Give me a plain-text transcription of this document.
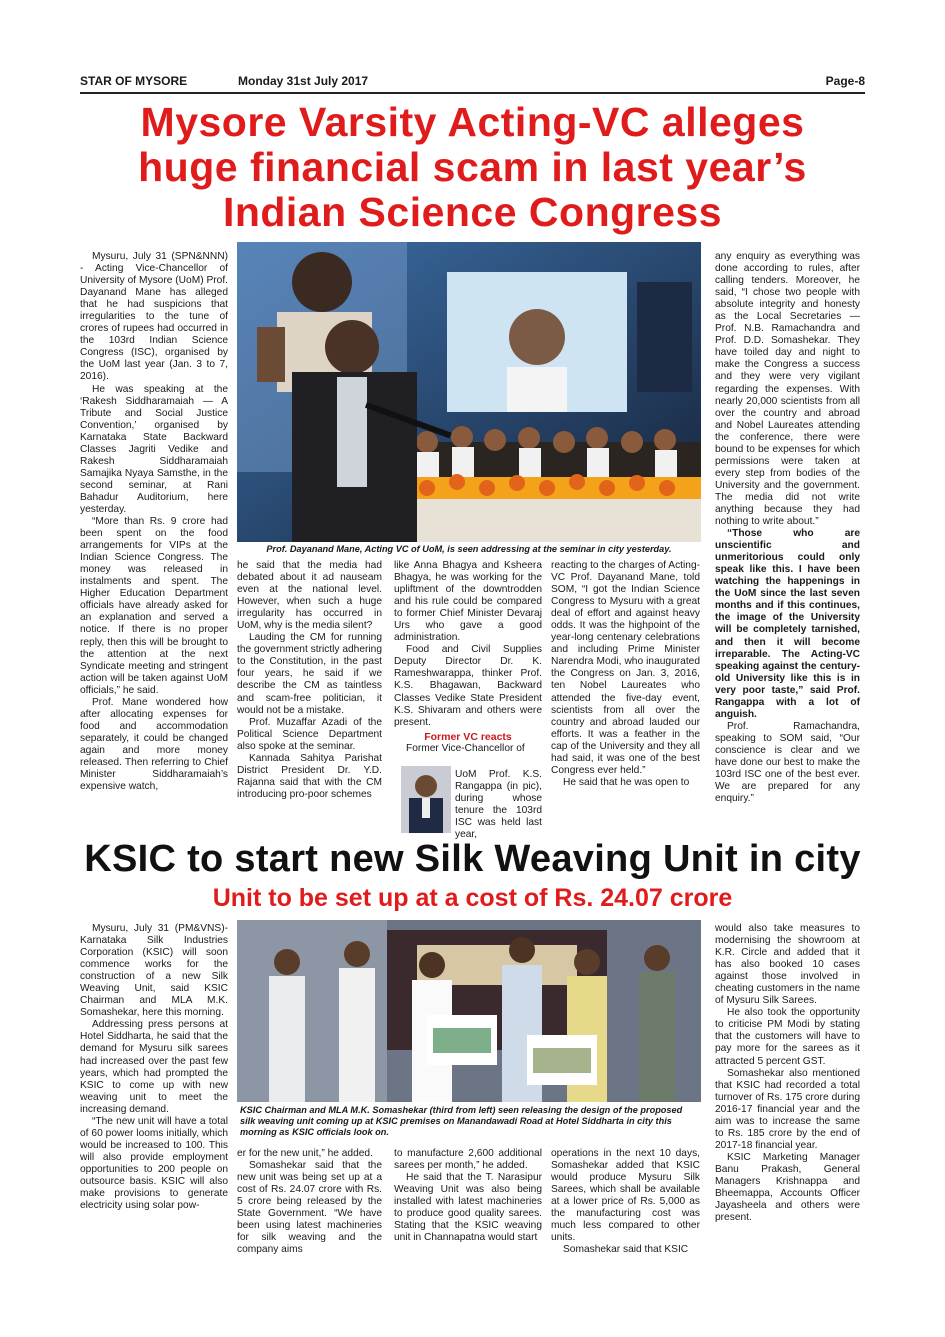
STAR OF MYSORE	Monday 31st July 2017	Page-8
Mysore Varsity Acting-VC alleges
huge financial scam in last year’s
Indian Science Congress
Prof. Dayanand Mane, Acting VC of UoM, is seen addressing at the seminar in city yesterday.

Mysuru, July 31 (SPN&NNN) - Acting Vice-Chancellor of University of Mysore (UoM) Prof. Dayanand Mane has alleged that he had suspicions that irregularities to the tune of crores of rupees had occurred in the 103rd Indian Science Congress (ISC), organised by the UoM last year (Jan. 3 to 7, 2016).

He was speaking at the ‘Rakesh Siddharamaiah — A Tribute and Social Justice Convention,’ organised by Karnataka State Backward Classes Jagriti Vedike and Rakesh Siddharamaiah Samajika Nyaya Samsthe, in the second seminar, at Rani Bahadur Auditorium, here yesterday.

“More than Rs. 9 crore had been spent on the food arrangements for VIPs at the Indian Science Congress. The money was released in instalments and spent. The Higher Education Department officials have already asked for an explanation and served a notice. If there is no proper reply, then this will be brought to the attention at the next Syndicate meeting and stringent action will be taken against UoM officials,” he said.

Prof. Mane wondered how after allocating expenses for food and accommodation separately, it could be changed again and more money released. Then referring to Chief Minister Siddharamaiah’s expensive watch,

he said that the media had debated about it ad nauseam even at the national level. However, when such a huge irregularity has occurred in UoM, why is the media silent?

Lauding the CM for running the government strictly adhering to the Constitution, in the past four years, he said if we describe the CM as taintless and scam-free politician, it would not be a mistake.

Prof. Muzaffar Azadi of the Political Science Department also spoke at the seminar.

Kannada Sahitya Parishat District President Dr. Y.D. Rajanna said that with the CM introducing pro-poor schemes

like Anna Bhagya and Ksheera Bhagya, he was working for the upliftment of the downtrodden and his rule could be compared to former Chief Minister Devaraj Urs who gave a good administration.

Food and Civil Supplies Deputy Director Dr. K. Rameshwarappa, thinker Prof. K.S. Bhagawan, Backward Classes Vedike State President K.S. Shivaram and others were present.

Former VC reacts

Former Vice-Chancellor of

UoM Prof. K.S. Rangappa (in pic), during whose tenure the 103rd ISC was held last year,

reacting to the charges of Acting-VC Prof. Dayanand Mane, told SOM, “I got the Indian Science Congress to Mysuru with a great deal of effort and against heavy odds. It was the highpoint of the year-long centenary celebrations and including Prime Minister Narendra Modi, who inaugurated the Congress on Jan. 3, 2016, ten Nobel Laureates who attended the five-day event, scientists from all over the country and abroad lauded our efforts. It was a feather in the cap of the University and they all had said, it was one of the best Congress ever held.”

He said that he was open to

any enquiry as everything was done according to rules, after calling tenders. Moreover, he said, “I chose two people with absolute integrity and honesty as the Local Secretaries — Prof. N.B. Ramachandra and Prof. D.D. Somashekar. They have toiled day and night to make the Congress a success and they were very vigilant regarding the expenses. With nearly 20,000 scientists from all over the country and abroad and Nobel Laureates attending the conference, there were bound to be expenses for which permissions were taken at every step from bodies of the University and the government. The media did not write anything because they had nothing to write about.”

“Those who are unscientific and unmeritorious could only speak like this. I have been watching the happenings in the UoM since the last seven months and if this continues, the image of the University will be completely tarnished, and then it will become irreparable. The Acting-VC speaking against the century-old University like this is in very poor taste,” said Prof. Rangappa with a lot of anguish.

Prof. Ramachandra, speaking to SOM said, “Our conscience is clear and we have done our best to make the 103rd ISC one of the best ever. We are prepared for any enquiry.”

KSIC to start new Silk Weaving Unit in city
Unit to be set up at a cost of Rs. 24.07 crore
KSIC Chairman and MLA M.K. Somashekar (third from left) seen releasing the design of the proposed silk weaving unit coming up at KSIC premises on Manandawadi Road at Hotel Siddharta in city this morning as KSIC officials look on.

Mysuru, July 31 (PM&VNS)- Karnataka Silk Industries Corporation (KSIC) will soon commence works for the construction of a new Silk Weaving Unit, said KSIC Chairman and MLA M.K. Somashekar, here this morning.

Addressing press persons at Hotel Siddharta, he said that the demand for Mysuru silk sarees had increased over the past few years, which had prompted the KSIC to come up with new weaving unit to meet the increasing demand.

“The new unit will have a total of 60 power looms initially, which would be increased to 100. This will also provide employment opportunities to 200 people on outsource basis. KSIC will also make provisions to generate electricity using solar pow-

er for the new unit,” he added.

Somashekar said that the new unit was being set up at a cost of Rs. 24.07 crore with Rs. 5 crore being released by the State Government. “We have been using latest machineries for silk weaving and the company aims

to manufacture 2,600 additional sarees per month,” he added.

He said that the T. Narasipur Weaving Unit was also being installed with latest machineries to produce good quality sarees. Stating that the KSIC weaving unit in Channapatna would start

operations in the next 10 days, Somashekar added that KSIC would produce Mysuru Silk Sarees, which shall be available at a lower price of Rs. 5,000 as the manufacturing cost was much less compared to other units.

Somashekar said that KSIC

would also take measures to modernising the showroom at K.R. Circle and added that it has also booked 10 cases against those involved in cheating customers in the name of Mysuru Silk Sarees.

He also took the opportunity to criticise PM Modi by stating that the customers will have to pay more for the sarees as it attracted 5 percent GST.

Somashekar also mentioned that KSIC had recorded a total turnover of Rs. 175 crore during 2016-17 financial year and the aim was to increase the same to Rs. 185 crore by the end of 2017-18 financial year.

KSIC Marketing Manager Banu Prakash, General Managers Krishnappa and Bheemappa, Accounts Officer Jayasheela and others were present.
